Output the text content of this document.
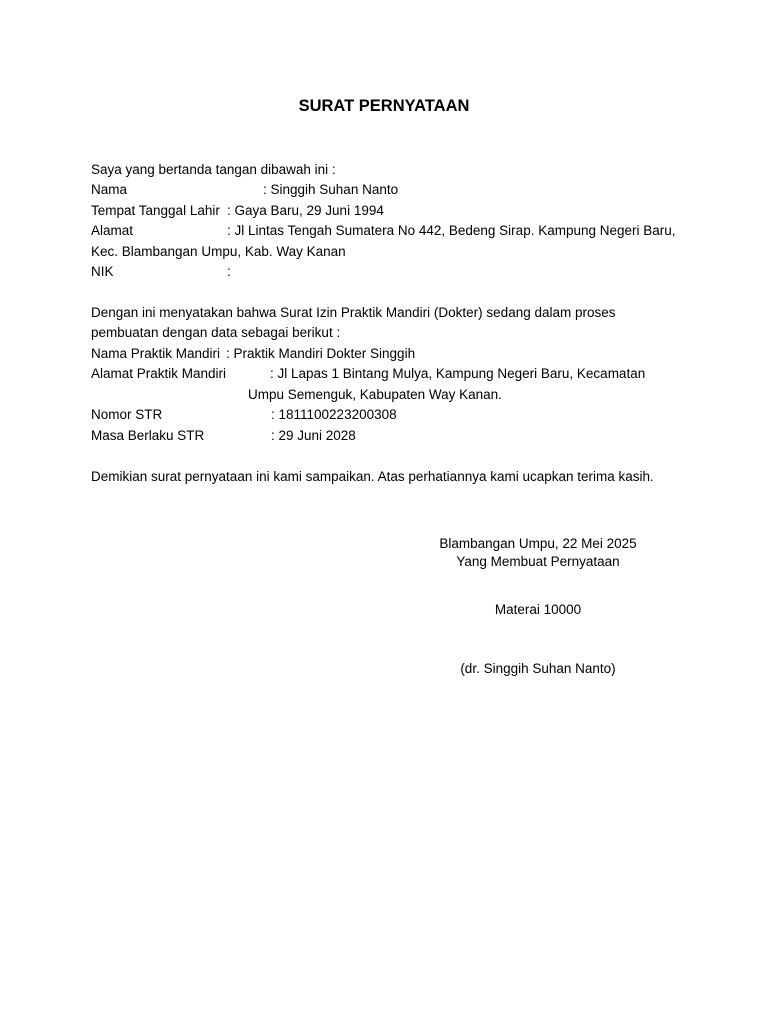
SURAT PERNYATAAN
Saya yang bertanda tangan dibawah ini :
Nama	: Singgih Suhan Nanto
Tempat Tanggal Lahir : Gaya Baru, 29 Juni 1994
Alamat	: Jl Lintas Tengah Sumatera No 442, Bedeng Sirap. Kampung Negeri Baru,
Kec. Blambangan Umpu, Kab. Way Kanan
NIK	:
Dengan ini menyatakan bahwa Surat Izin Praktik Mandiri (Dokter) sedang dalam proses
pembuatan dengan data sebagai berikut :
Nama Praktik Mandiri : Praktik Mandiri Dokter Singgih
Alamat Praktik Mandiri	: Jl Lapas 1 Bintang Mulya, Kampung Negeri Baru, Kecamatan
Umpu Semenguk, Kabupaten Way Kanan.
Nomor STR	: 1811100223200308
Masa Berlaku STR	: 29 Juni 2028
Demikian surat pernyataan ini kami sampaikan. Atas perhatiannya kami ucapkan terima kasih.
Blambangan Umpu, 22 Mei 2025
Yang Membuat Pernyataan
Materai 10000
(dr. Singgih Suhan Nanto)
